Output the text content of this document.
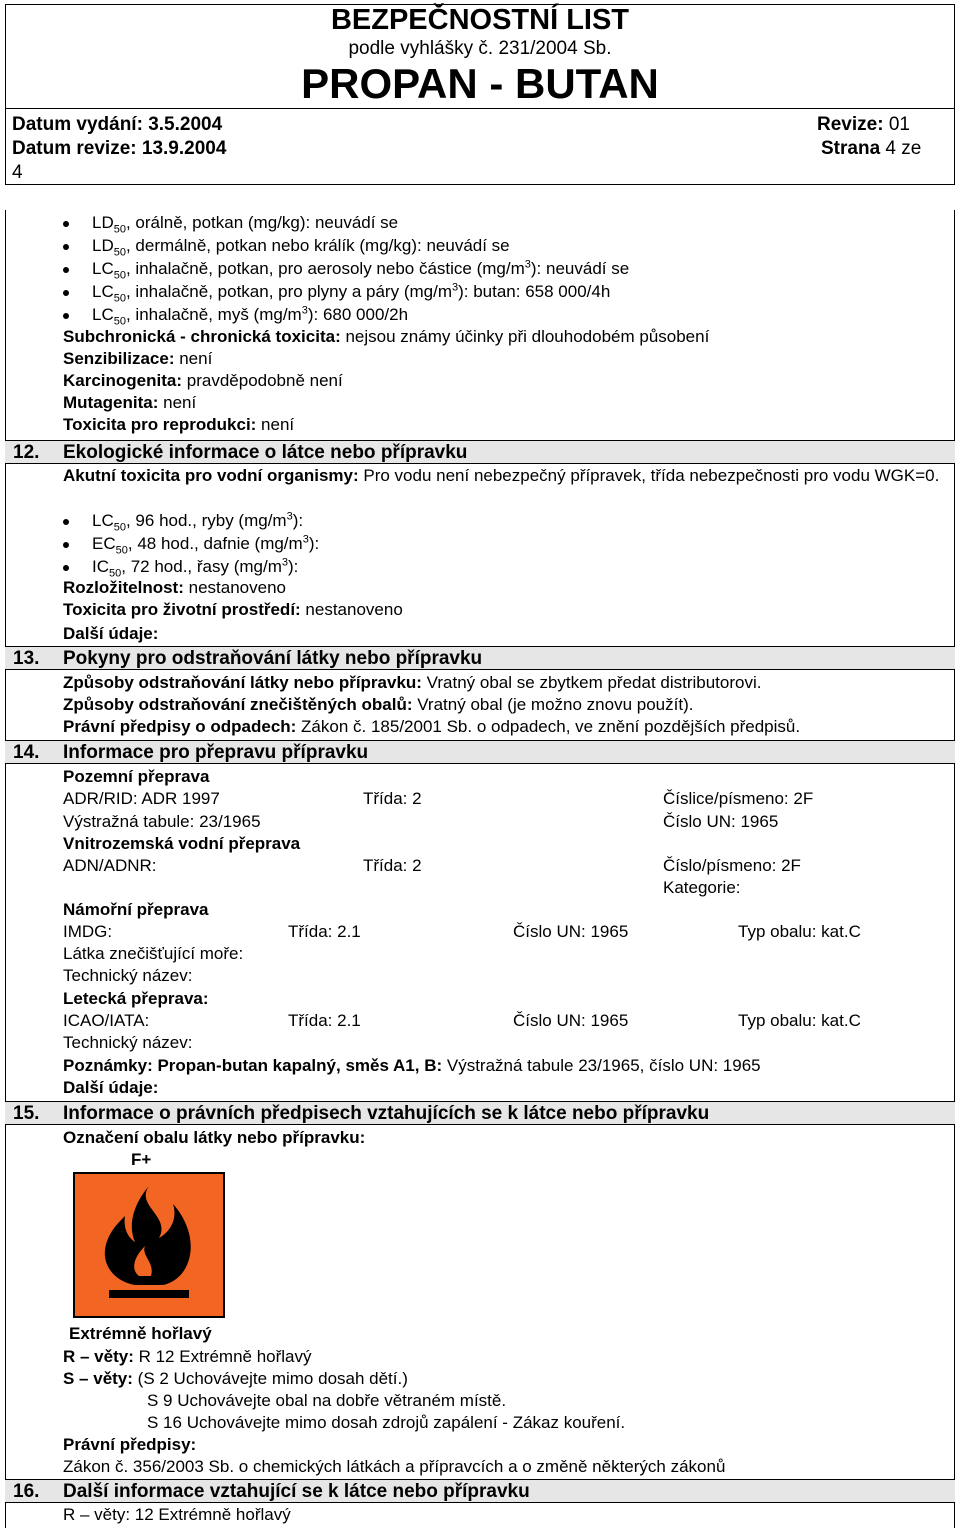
BEZPEČNOSTNÍ LIST
podle vyhlášky č. 231/2004 Sb.
PROPAN - BUTAN
Datum vydání: 3.5.2004	Revize: 01
Datum revize: 13.9.2004	Strana 4 ze
4
$LD_{50}$, orálně, potkan (mg/kg): neuvádí se
$LD_{50}$, dermálně, potkan nebo králík (mg/kg): neuvádí se
$LC_{50}$, inhalačně, potkan, pro aerosoly nebo částice $(mg/m^3)$: neuvádí se
$LC_{50}$, inhalačně, potkan, pro plyny a páry $(mg/m^3)$: butan: 658 000/4h
$LC_{50}$, inhalačně, myš $(mg/m^3)$: 680 000/2h
Subchronická - chronická toxicita: nejsou známy účinky při dlouhodobém působení
Senzibilizace: není
Karcinogenita: pravděpodobně není
Mutagenita: není
Toxicita pro reprodukci: není
12. Ekologické informace o látce nebo přípravku
Akutní toxicita pro vodní organismy: Pro vodu není nebezpečný přípravek, třída nebezpečnosti pro vodu WGK=0.
$LC_{50}$, 96 hod., ryby $(mg/m^3)$:
$EC_{50}$, 48 hod., dafnie $(mg/m^3)$:
$IC_{50}$, 72 hod., řasy $(mg/m^3)$:
Rozložitelnost: nestanoveno
Toxicita pro životní prostředí: nestanoveno
Další údaje:
13. Pokyny pro odstraňování látky nebo přípravku
Způsoby odstraňování látky nebo přípravku: Vratný obal se zbytkem předat distributorovi.
Způsoby odstraňování znečištěných obalů: Vratný obal (je možno znovu použít).
Právní předpisy o odpadech: Zákon č. 185/2001 Sb. o odpadech, ve znění pozdějších předpisů.
14. Informace pro přepravu přípravku
Pozemní přeprava
ADR/RID: ADR 1997	Třída: 2	Číslice/písmeno: 2F
Výstražná tabule: 23/1965	Číslo UN: 1965
Vnitrozemská vodní přeprava
ADN/ADNR:	Třída: 2	Číslo/písmeno: 2F
Kategorie:
Námořní přeprava
IMDG:	Třída: 2.1	Číslo UN: 1965	Typ obalu: kat.C
Látka znečišťující moře:
Technický název:
Letecká přeprava:
ICAO/IATA:	Třída: 2.1	Číslo UN: 1965	Typ obalu: kat.C
Technický název:
Poznámky: Propan-butan kapalný, směs A1, B: Výstražná tabule 23/1965, číslo UN: 1965
Další údaje:
15. Informace o právních předpisech vztahujících se k látce nebo přípravku
Označení obalu látky nebo přípravku:
F+
Extrémně hořlavý
R – věty: R 12 Extrémně hořlavý
S – věty: (S 2 Uchovávejte mimo dosah dětí.)
S 9 Uchovávejte obal na dobře větraném místě.
S 16 Uchovávejte mimo dosah zdrojů zapálení - Zákaz kouření.
Právní předpisy:
Zákon č. 356/2003 Sb. o chemických látkách a přípravcích a o změně některých zákonů
16. Další informace vztahující se k látce nebo přípravku
R – věty: 12 Extrémně hořlavý
